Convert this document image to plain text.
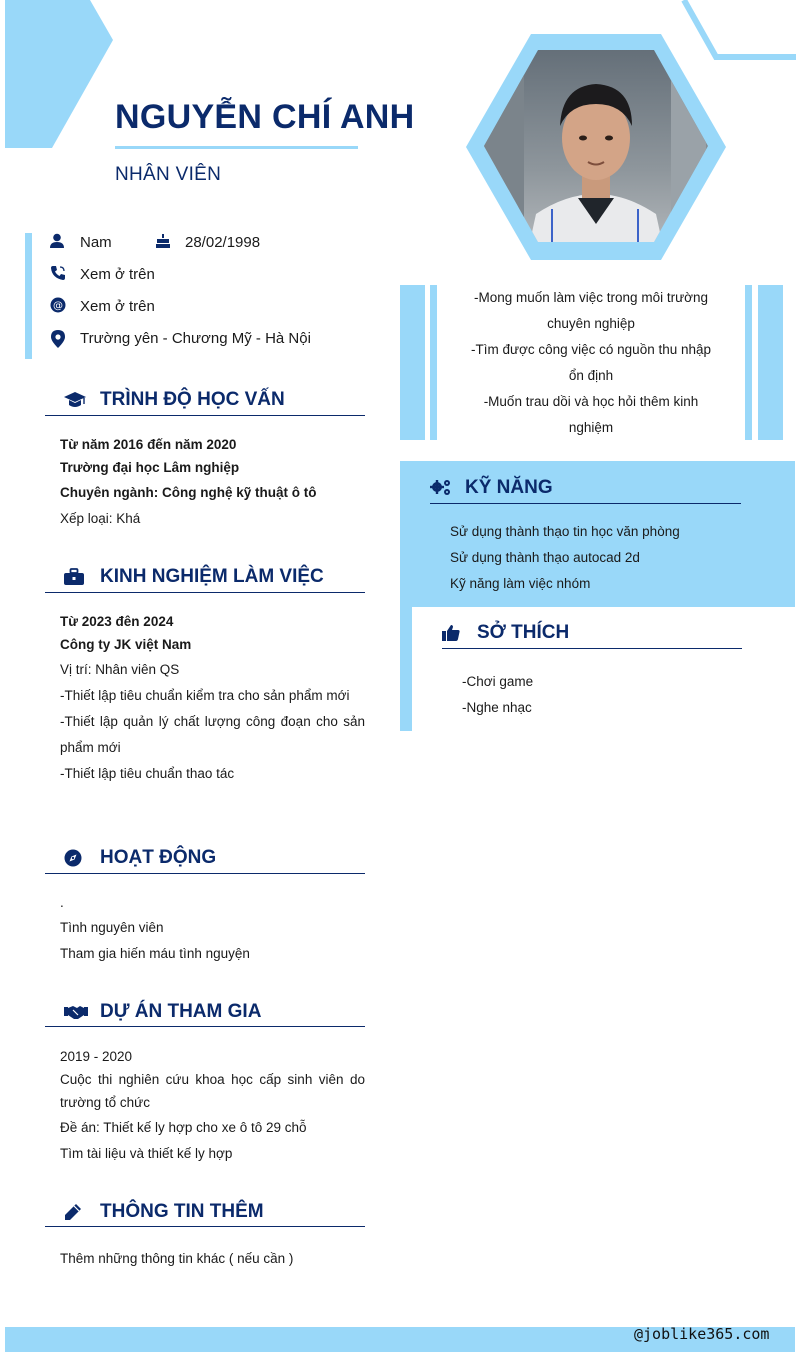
NGUYỄN CHÍ ANH
NHÂN VIÊN
Nam	28/02/1998
Xem ở trên
@ Xem ở trên
Trường yên - Chương Mỹ - Hà Nội
TRÌNH ĐỘ HỌC VẤN
Từ năm 2016 đến năm 2020
Trường đại học Lâm nghiệp
Chuyên ngành: Công nghệ kỹ thuật ô tô
Xếp loại: Khá
KINH NGHIỆM LÀM VIỆC
Từ 2023 đên 2024
Công ty JK việt Nam
Vị trí: Nhân viên QS
-Thiết lập tiêu chuẩn kiểm tra cho sản phẩm mới
-Thiết lập quản lý chất lượng công đoạn cho sản phẩm mới
-Thiết lập tiêu chuẩn thao tác
HOẠT ĐỘNG
.
Tình nguyên viên
Tham gia hiến máu tình nguyện
DỰ ÁN THAM GIA
2019 - 2020
Cuộc thi nghiên cứu khoa học cấp sinh viên do trường tổ chức
Đề án: Thiết kế ly hợp cho xe ô tô 29 chỗ
Tìm tài liệu và thiết kế ly hợp
THÔNG TIN THÊM
Thêm những thông tin khác ( nếu cần )
-Mong muốn làm việc trong môi trường
chuyên nghiệp
-Tìm được công việc có nguồn thu nhập
ổn định
-Muốn trau dồi và học hỏi thêm kinh
nghiệm
KỸ NĂNG
Sử dụng thành thạo tin học văn phòng
Sử dụng thành thạo autocad 2d
Kỹ năng làm việc nhóm
SỞ THÍCH
-Chơi game
-Nghe nhạc
@joblike365.com
